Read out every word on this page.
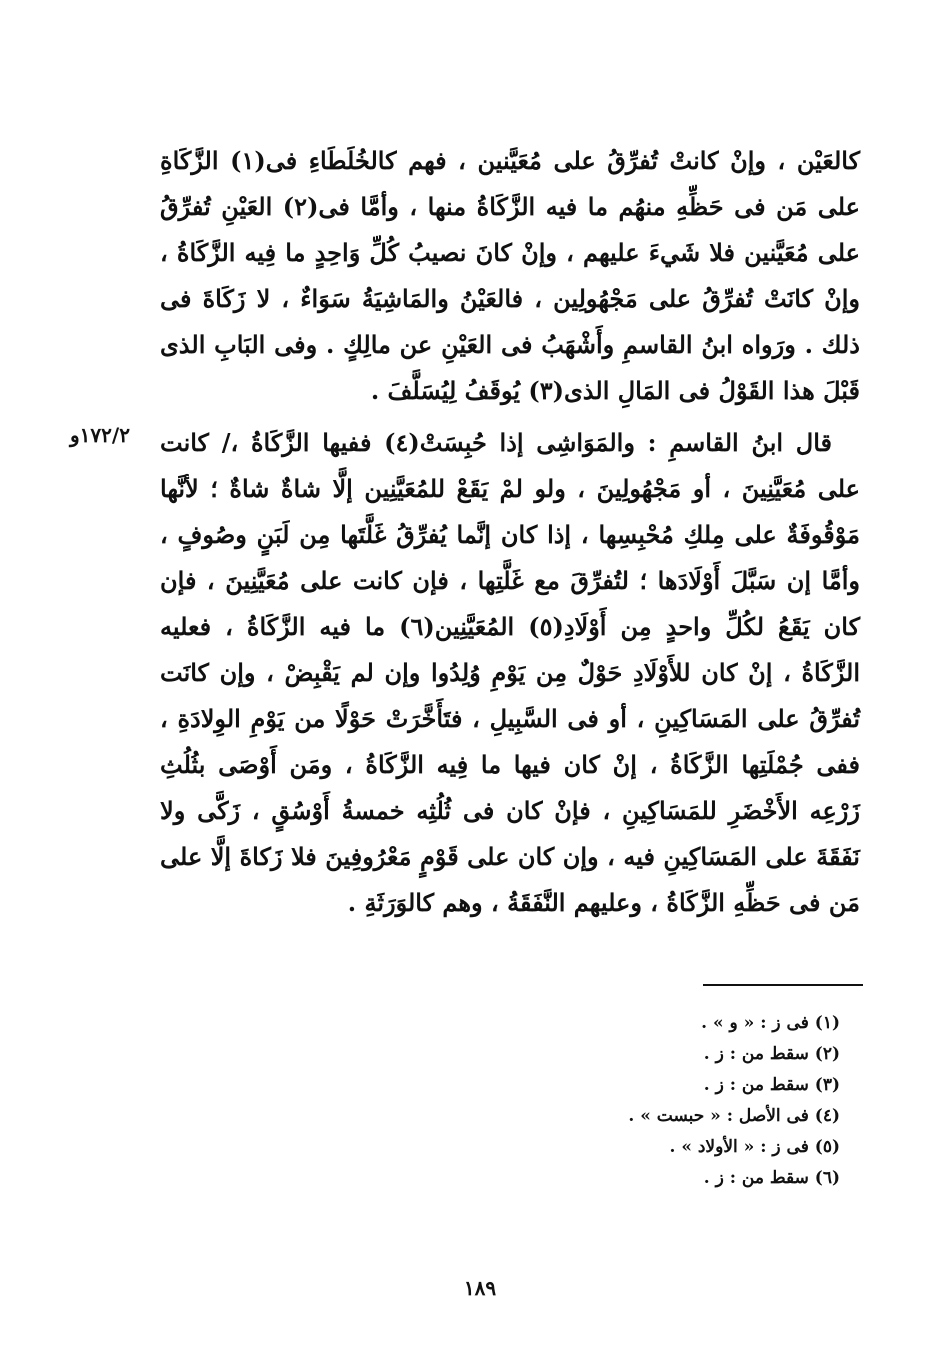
كالعَيْن ، وإنْ كانتْ تُفرِّقُ على مُعَيَّنين ، فهم كالخُلَطَاءِ فى(١) الزَّكَاةِ على مَن فى حَظِّهِ منهُم ما فيه الزَّكَاةُ منها ، وأمَّا فى(٢) العَيْنِ تُفرِّقُ على مُعَيَّنين فلا شَيءَ عليهم ، وإنْ كانَ نصيبُ كُلِّ وَاحِدٍ ما فِيه الزَّكَاةُ ، وإنْ كانَتْ تُفرِّقُ على مَجْهُولِين ، فالعَيْنُ والمَاشِيَةُ سَوَاءٌ ، لا زَكَاةَ فى ذلك . ورَواه ابنُ القاسمِ وأَشْهَبُ فى العَيْنِ عن مالِكٍ . وفى البَابِ الذى قَبْلَ هذا القَوْلُ فى المَالِ الذى(٣) يُوقَفُ لِيُسَلَّفَ .

قال ابنُ القاسمِ : والمَوَاشِى إذا حُبِسَتْ(٤) ففيها الزَّكَاةُ ،/ كانت على مُعَيَّنِينَ ، أو مَجْهُولِينَ ، ولو لمْ يَقَعْ للمُعَيَّنِين إلَّا شاةٌ شاةٌ ؛ لأنَّها مَوْقُوفَةٌ على مِلكِ مُحْبِسِها ، إذا كان إنَّما يُفرِّقُ غَلَّتَها مِن لَبَنٍ وصُوفٍ ، وأمَّا إن سَبَّلَ أَوْلَادَها ؛ لتُفرِّقَ مع غَلَّتِها ، فإن كانت على مُعَيَّنِينَ ، فإن كان يَقَعُ لكُلِّ واحدٍ مِن أَوْلَادِ(٥) المُعَيَّنِين(٦) ما فيه الزَّكَاةُ ، فعليه الزَّكَاةُ ، إنْ كان للأَوْلَادِ حَوْلٌ مِن يَوْمِ وُلِدُوا وإن لم يَقْبِضْ ، وإن كانَت تُفرِّقُ على المَسَاكِينِ ، أو فى السَّبِيلِ ، فتَأَخَّرَتْ حَوْلًا من يَوْمِ الوِلادَةِ ، ففى جُمْلَتِها الزَّكَاةُ ، إنْ كان فيها ما فِيه الزَّكَاةُ ، ومَن أَوْصَى بثُلُثِ زَرْعِه الأَخْضَرِ للمَسَاكِينِ ، فإنْ كان فى ثُلُثِه خمسةُ أَوْسُقٍ ، زَكَّى ولا نَفَقَةَ على المَسَاكِينِ فيه ، وإن كان على قَوْمٍ مَعْرُوفِينَ فلا زَكاةَ إلَّا على مَن فى حَظِّهِ الزَّكَاةُ ، وعليهم النَّفَقَةُ ، وهم كالوَرَثَةِ .

١٧٢/٢و

(١) فى ز : « و » .

(٢) سقط من : ز .

(٣) سقط من : ز .

(٤) فى الأصل : « حبست » .

(٥) فى ز : « الأولاد » .

(٦) سقط من : ز .

١٨٩
